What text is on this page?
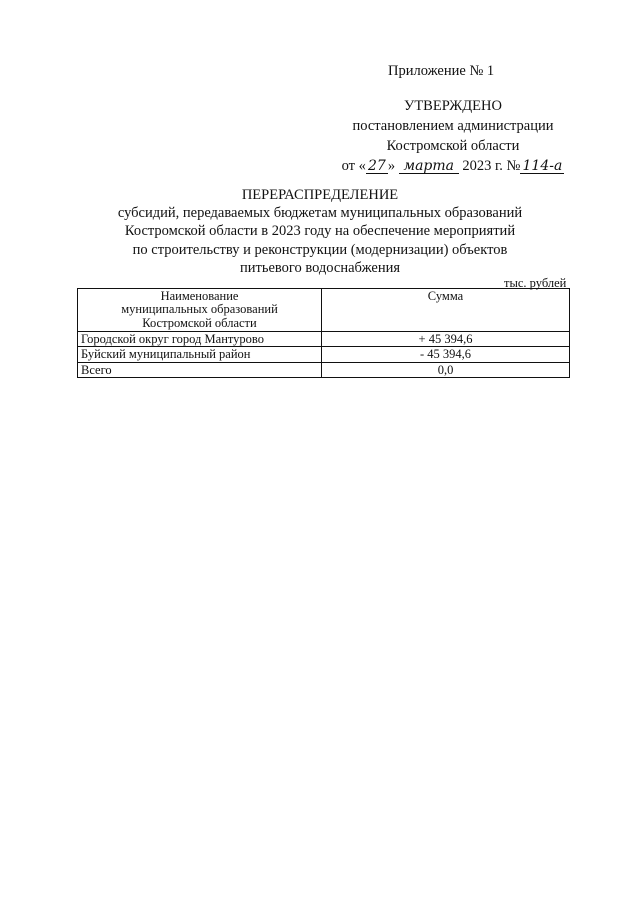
Приложение № 1
УТВЕРЖДЕНО
постановлением администрации
Костромской области
от « 27 » марта 2023 г. № 114-а
ПЕРЕРАСПРЕДЕЛЕНИЕ
субсидий, передаваемых бюджетам муниципальных образований
Костромской области в 2023 году на обеспечение мероприятий
по строительству и реконструкции (модернизации) объектов
питьевого водоснабжения
тыс. рублей
Наименование
муниципальных образований
Костромской области	Сумма
Городской округ город Мантурово	+ 45 394,6
Буйский муниципальный район	- 45 394,6
Всего	0,0
